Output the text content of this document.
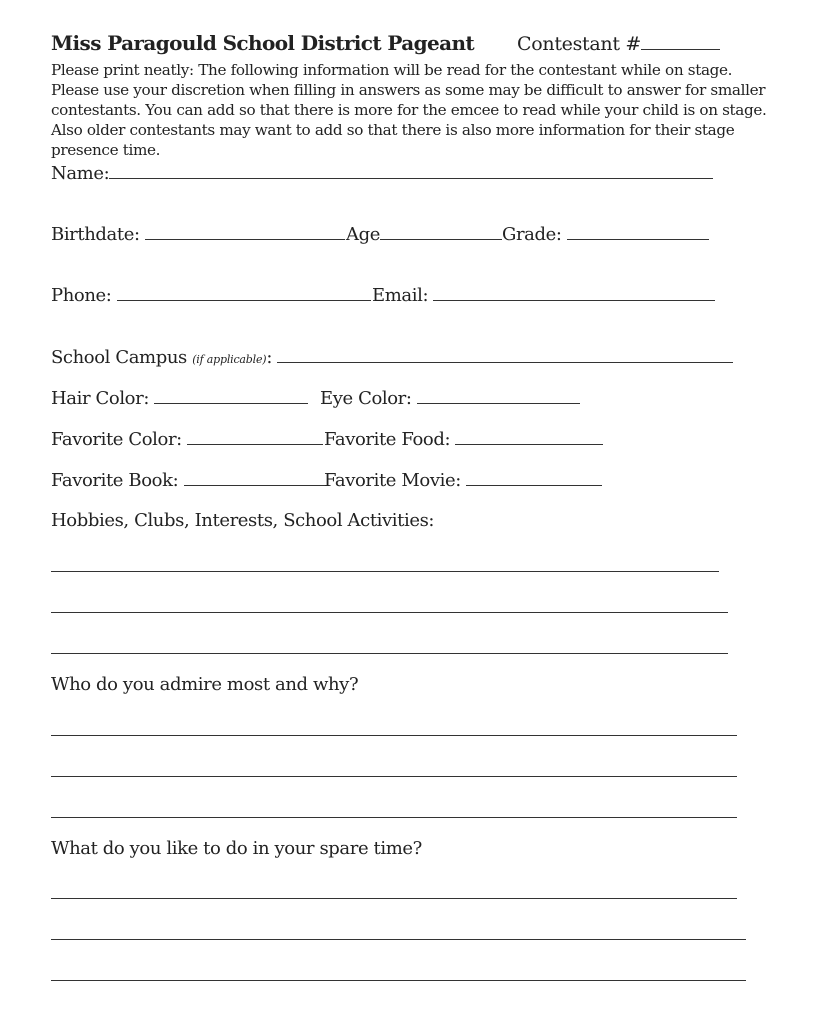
Miss Paragould School District Pageant Contestant #
Please print neatly: The following information will be read for the contestant while on stage. Please use your discretion when filling in answers as some may be difficult to answer for smaller contestants. You can add so that there is more for the emcee to read while your child is on stage. Also older contestants may want to add so that there is also more information for their stage presence time.
Name:
Birthdate:	Age	Grade:
Phone:	Email:
School Campus (if applicable):
Hair Color:	Eye Color:
Favorite Color:	Favorite Food:
Favorite Book:	Favorite Movie:
Hobbies, Clubs, Interests, School Activities:
Who do you admire most and why?
What do you like to do in your spare time?
